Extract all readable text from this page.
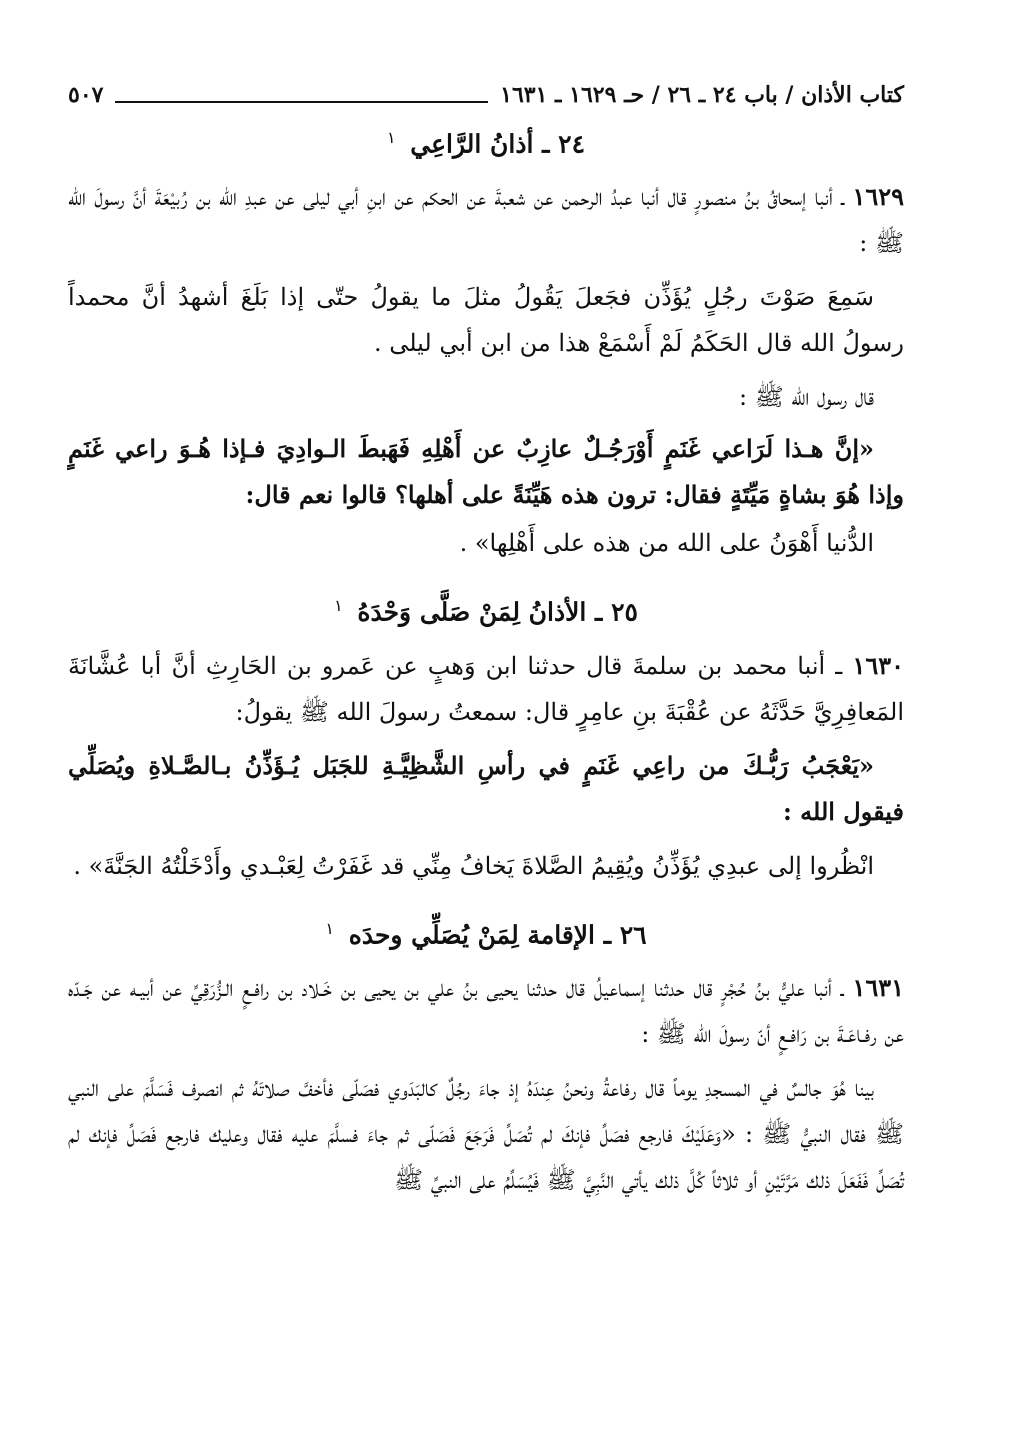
كتاب الأذان / باب ٢٤ ـ ٢٦ / حـ ١٦٢٩ ـ ١٦٣١
٥٠٧
٢٤ ـ أذانُ الرَّاعِي $^١$

١٦٢٩ ـ أنبا إسحاقُ بنُ منصورٍ قال أنبا عبدُ الرحمن عن شعبةَ عن الحكم عن ابنِ أبي ليلى عن عبدِ الله بن رُبيْعَةَ أنَّ رسولَ الله ﷺ :

سَمِعَ صَوْتَ رجُلٍ يُؤَذِّن فجَعلَ يَقُولُ مثلَ ما يقولُ حتّى إذا بَلَغَ أشهدُ أنَّ محمداً رسولُ الله قال الحَكَمُ لَمْ أَسْمَعْ هذا من ابن أبي ليلى .

قال رسول الله ﷺ :

«إنَّ هـذا لَرَاعي غَنَمٍ أَوْرَجُـلٌ عازِبٌ عن أَهْلِهِ فَهَبطَ الـوادِيَ فـإذا هُـوَ راعي غَنَمٍ وإذا هُوَ بشاةٍ مَيِّتَةٍ فقال: ترون هذه هَيِّنَةً على أهلها؟ قالوا نعم قال:

الدُّنيا أَهْوَنُ على الله من هذه على أَهْلِها» .

٢٥ ـ الأذانُ لِمَنْ صَلَّى وَحْدَهُ $^١$

١٦٣٠ ـ أنبا محمد بن سلمةَ قال حدثنا ابن وَهبٍ عن عَمرو بن الحَارِثِ أنَّ أبا عُشَّانَةَ المَعافِرِيَّ حَدَّثَهُ عن عُقْبَةَ بنِ عامِرٍ قال: سمعتُ رسولَ الله ﷺ يقولُ:

«يَعْجَبُ رَبُّـكَ من راعِي غَنَمٍ في رأسِ الشَّظِيَّـةِ للجَبَل يُـؤَذِّنُ بـالصَّـلاةِ ويُصَلِّي فيقول الله :

انْظُروا إلى عبدِي يُؤَذِّنُ ويُقِيمُ الصَّلاةَ يَخافُ مِنِّي قد غَفَرْتُ لِعَبْـدي وأَدْخَلْتُهُ الجَنَّةَ» .

٢٦ ـ الإقامة لِمَنْ يُصَلِّي وحدَه $^١$

١٦٣١ ـ أنبا عليُّ بنُ حُجْرٍ قال حدثنا إسماعيلُ قال حدثنا يحيى بنُ علي بن يحيى بن خَـلاد بن رافـعٍ الـزُّرَقِيِّ عن أبيـه عن جَـدّه عن رفـاعَـةَ بن رَافـعٍ أنّ رسولَ الله ﷺ :

بينا هُوَ جالسٌ في المسجدِ يوماً قال رفاعةُ ونحنُ عِندَهُ إذ جاءَ رجُلٌ كالبَدَوي فصَلّى فأخفَّ صلاتَهُ ثم انصرف فَسَلَّمَ على النبي ﷺ فقال النبيُّ ﷺ : «وَعَلَيْكَ فارجع فصَلِّ فإنكَ لم تُصَلِّ فَرَجَعَ فَصَلّى ثم جاءَ فسلَّمَ عليه فقال وعليك فارجع فَصَلِّ فإنك لم تُصَلِّ فَفَعَلَ ذلك مَرَّتَيْنِ أو ثلاثاً كُلَّ ذلك يأتي النَّبِيَّ ﷺ فَيُسَلِّمُ على النبيِّ ﷺ
